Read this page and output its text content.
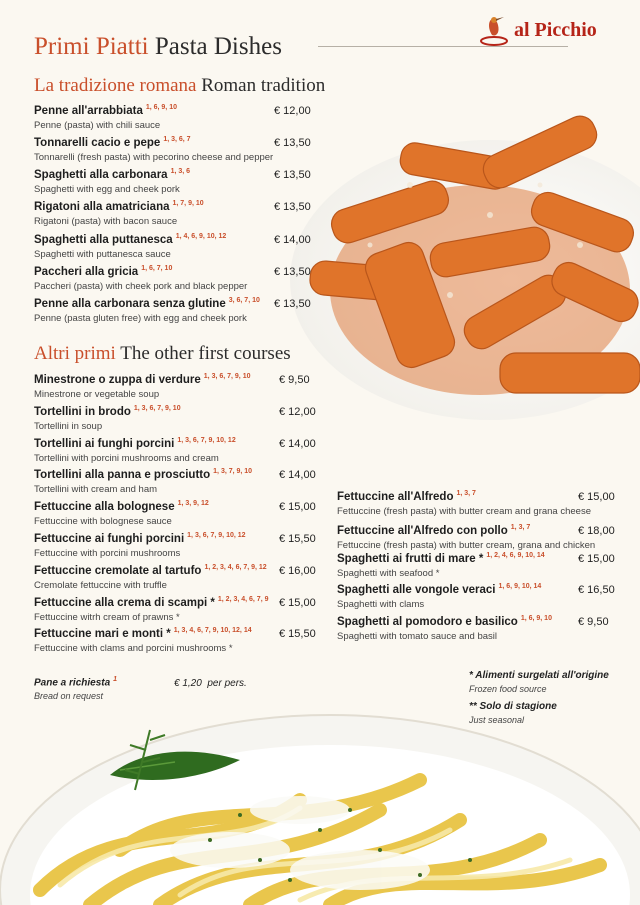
Primi Piatti Pasta Dishes
al Picchio
La tradizione romana Roman tradition
Penne all'arrabbiata $^{1, 6, 9, 10}$
Penne (pasta) with chili sauce
€ 12,00
Tonnarelli cacio e pepe $^{1, 3, 6, 7}$
Tonnarelli (fresh pasta) with pecorino cheese and pepper
€ 13,50
Spaghetti alla carbonara $^{1, 3, 6}$
Spaghetti with egg and cheek pork
€ 13,50
Rigatoni alla amatriciana $^{1, 7, 9, 10}$
Rigatoni (pasta) with bacon sauce
€ 13,50
Spaghetti alla puttanesca $^{1, 4, 6, 9, 10, 12}$
Spaghetti with puttanesca sauce
€ 14,00
Paccheri alla gricia $^{1, 6, 7, 10}$
Paccheri (pasta) with cheek pork and black pepper
€ 13,50
Penne alla carbonara senza glutine $^{3, 6, 7, 10}$
Penne (pasta gluten free) with egg and cheek pork
€ 13,50
Altri primi The other first courses
Minestrone o zuppa di verdure $^{1, 3, 6, 7, 9, 10}$
Minestrone or vegetable soup
€ 9,50
Tortellini in brodo $^{1, 3, 6, 7, 9, 10}$
Tortellini in soup
€ 12,00
Tortellini ai funghi porcini $^{1, 3, 6, 7, 9, 10, 12}$
Tortellini with porcini mushrooms and cream
€ 14,00
Tortellini alla panna e prosciutto $^{1, 3, 7, 9, 10}$
Tortellini with cream and ham
€ 14,00
Fettuccine alla bolognese $^{1, 3, 9, 12}$
Fettuccine with bolognese sauce
€ 15,00
Fettuccine ai funghi porcini $^{1, 3, 6, 7, 9, 10, 12}$
Fettuccine with porcini mushrooms
€ 15,50
Fettuccine cremolate al tartufo $^{1, 2, 3, 4, 6, 7, 9, 12}$
Cremolate fettuccine with truffle
€ 16,00
Fettuccine alla crema di scampi * $^{1, 2, 3, 4, 6, 7, 9}$
Fettuccine witrh cream of prawns *
€ 15,00
Fettuccine mari e monti * $^{1, 3, 4, 6, 7, 9, 10, 12, 14}$
Fettuccine with clams and porcini mushrooms *
€ 15,50
Fettuccine all'Alfredo $^{1, 3, 7}$
Fettuccine (fresh pasta) with butter cream and grana cheese
€ 15,00
Fettuccine all'Alfredo con pollo $^{1, 3, 7}$
Fettuccine (fresh pasta) with butter cream, grana and chicken
€ 18,00
Spaghetti ai frutti di mare * $^{1, 2, 4, 6, 9, 10, 14}$
Spaghetti with seafood *
€ 15,00
Spaghetti alle vongole veraci $^{1, 6, 9, 10, 14}$
Spaghetti with clams
€ 16,50
Spaghetti al pomodoro e basilico $^{1, 6, 9, 10}$
Spaghetti with tomato sauce and basil
€ 9,50
Pane a richiesta $^1$
Bread on request
€ 1,20  per pers.
* Alimenti surgelati all'origine
Frozen food source
** Solo di stagione
Just seasonal
